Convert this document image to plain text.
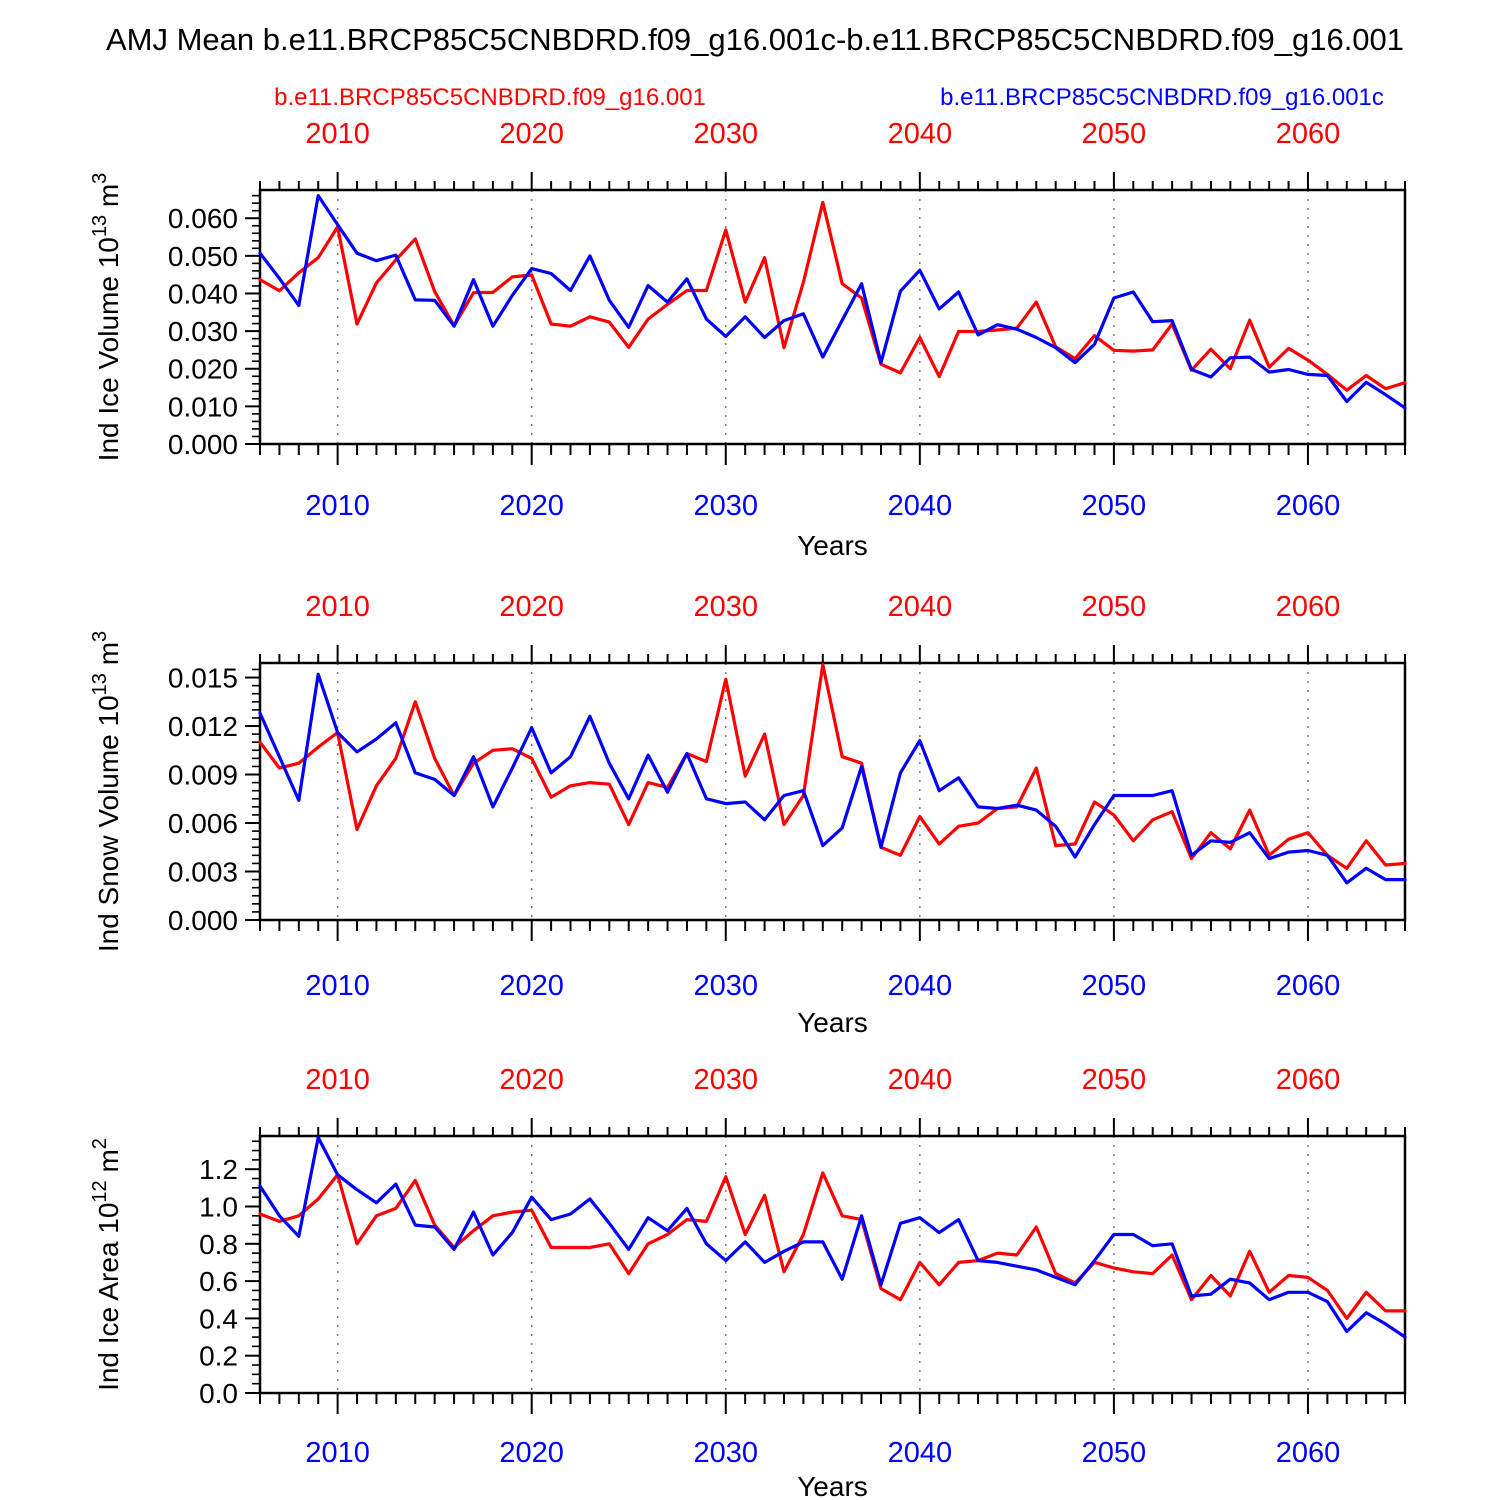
AMJ Mean b.e11.BRCP85C5CNBDRD.f09_g16.001c-b.e11.BRCP85C5CNBDRD.f09_g16.001
b.e11.BRCP85C5CNBDRD.f09_g16.001	b.e11.BRCP85C5CNBDRD.f09_g16.001c
0.000
0.010
0.020
0.030
0.040
0.050
0.060
2010
2010
2020
2020
2030
2030
2040
2040
2050
2050
2060
2060
Years
Ind Ice Volume $10^{13}$ $m^3$
0.000
0.003
0.006
0.009
0.012
0.015
2010
2010
2020
2020
2030
2030
2040
2040
2050
2050
2060
2060
Years
Ind Snow Volume $10^{13}$ $m^3$
0.0
0.2
0.4
0.6
0.8
1.0
1.2
2010
2010
2020
2020
2030
2030
2040
2040
2050
2050
2060
2060
Years
Ind Ice Area $10^{12}$ $m^2$
